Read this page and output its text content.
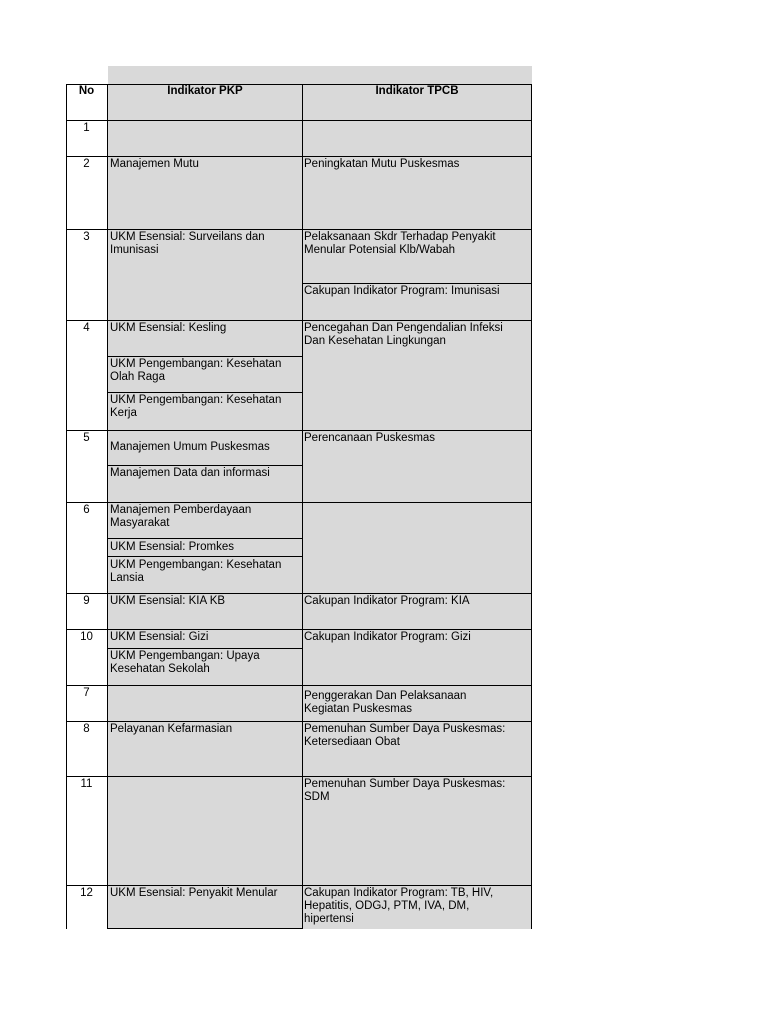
No	Indikator PKP	Indikator TPCB
1
2
3
4
5
6
9
10
7
8
11
12
Manajemen Mutu
UKM Esensial: Surveilans dan
Imunisasi
UKM Esensial: Kesling
UKM Pengembangan: Kesehatan
Olah Raga
UKM Pengembangan: Kesehatan
Kerja
Manajemen Umum Puskesmas
Manajemen Data dan informasi
Manajemen Pemberdayaan
Masyarakat
UKM Esensial: Promkes
UKM Pengembangan: Kesehatan
Lansia
UKM Esensial: KIA KB
UKM Esensial: Gizi
UKM Pengembangan: Upaya
Kesehatan Sekolah
Pelayanan Kefarmasian
UKM Esensial: Penyakit Menular
Peningkatan Mutu Puskesmas
Pelaksanaan Skdr Terhadap Penyakit
Menular Potensial Klb/Wabah
Cakupan Indikator Program: Imunisasi
Pencegahan Dan Pengendalian Infeksi
Dan Kesehatan Lingkungan
Perencanaan Puskesmas
Cakupan Indikator Program: KIA
Cakupan Indikator Program: Gizi
Penggerakan Dan Pelaksanaan
Kegiatan Puskesmas
Pemenuhan Sumber Daya Puskesmas:
Ketersediaan Obat
Pemenuhan Sumber Daya Puskesmas:
SDM
Cakupan Indikator Program: TB, HIV,
Hepatitis, ODGJ, PTM, IVA, DM,
hipertensi
